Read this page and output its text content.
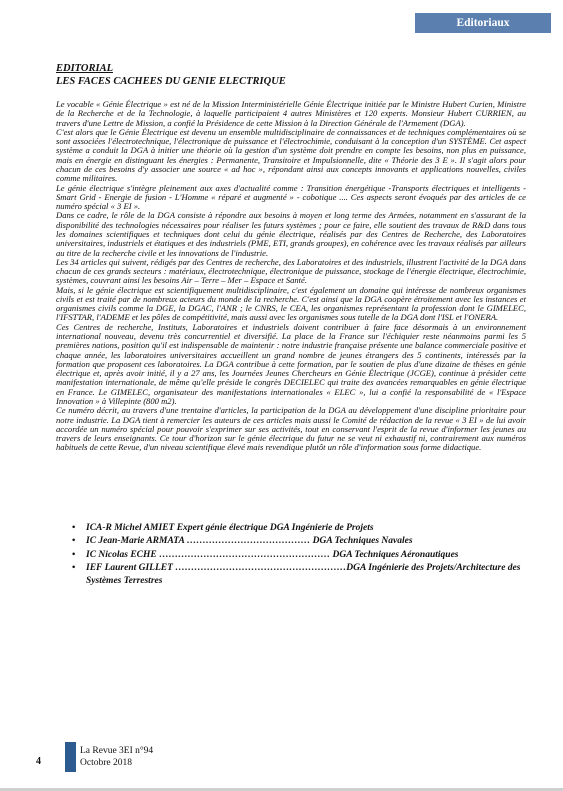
Editoriaux
EDITORIAL
LES FACES CACHEES DU GENIE ELECTRIQUE

Le vocable « Génie Électrique » est né de la Mission Interministérielle Génie Électrique initiée par le Ministre Hubert Curien, Ministre de la Recherche et de la Technologie, à laquelle participaient 4 autres Ministères et 120 experts. Monsieur Hubert CURRIEN, au travers d'une Lettre de Mission, a confié la Présidence de cette Mission à la Direction Générale de l'Armement (DGA).

C'est alors que le Génie Électrique est devenu un ensemble multidisciplinaire de connaissances et de techniques complémentaires où se sont associées l'électrotechnique, l'électronique de puissance et l'électrochimie, conduisant à la conception d'un SYSTÈME. Cet aspect système a conduit la DGA à initier une théorie où la gestion d'un système doit prendre en compte les besoins, non plus en puissance, mais en énergie en distinguant les énergies : Permanente, Transitoire et Impulsionnelle, dite « Théorie des 3 E ». Il s'agit alors pour chacun de ces besoins d'y associer une source « ad hoc », répondant ainsi aux concepts innovants et applications nouvelles, civiles comme militaires.

Le génie électrique s'intègre pleinement aux axes d'actualité comme : Transition énergétique -Transports électriques et intelligents - Smart Grid - Energie de fusion - L'Homme « réparé et augmenté » - cobotique .... Ces aspects seront évoqués par des articles de ce numéro spécial « 3 EI ».

Dans ce cadre, le rôle de la DGA consiste à répondre aux besoins à moyen et long terme des Armées, notamment en s'assurant de la disponibilité des technologies nécessaires pour réaliser les futurs systèmes ; pour ce faire, elle soutient des travaux de R&D dans tous les domaines scientifiques et techniques dont celui du génie électrique, réalisés par des Centres de Recherche, des Laboratoires universitaires, industriels et étatiques et des industriels (PME, ETI, grands groupes), en cohérence avec les travaux réalisés par ailleurs au titre de la recherche civile et les innovations de l'industrie.

Les 34 articles qui suivent, rédigés par des Centres de recherche, des Laboratoires et des industriels, illustrent l'activité de la DGA dans chacun de ces grands secteurs : matériaux, électrotechnique, électronique de puissance, stockage de l'énergie électrique, électrochimie, systèmes, couvrant ainsi les besoins Air – Terre – Mer – Espace et Santé.

Mais, si le génie électrique est scientifiquement multidisciplinaire, c'est également un domaine qui intéresse de nombreux organismes civils et est traité par de nombreux acteurs du monde de la recherche. C'est ainsi que la DGA coopère étroitement avec les instances et organismes civils comme la DGE, la DGAC, l'ANR ; le CNRS, le CEA, les organismes représentant la profession dont le GIMELEC, l'IFSTTAR, l'ADEME et les pôles de compétitivité, mais aussi avec les organismes sous tutelle de la DGA dont l'ISL et l'ONERA.

Ces Centres de recherche, Instituts, Laboratoires et industriels doivent contribuer à faire face désormais à un environnement international nouveau, devenu très concurrentiel et diversifié. La place de la France sur l'échiquier reste néanmoins parmi les 5 premières nations, position qu'il est indispensable de maintenir : notre industrie française présente une balance commerciale positive et chaque année, les laboratoires universitaires accueillent un grand nombre de jeunes étrangers des 5 continents, intéressés par la formation que proposent ces laboratoires. La DGA contribue à cette formation, par le soutien de plus d'une dizaine de thèses en génie électrique et, après avoir initié, il y a 27 ans, les Journées Jeunes Chercheurs en Génie Électrique (JCGE), continue à présider cette manifestation internationale, de même qu'elle préside le congrès DECIELEC qui traite des avancées remarquables en génie électrique en France. Le GIMELEC, organisateur des manifestations internationales « ELEC », lui a confié la responsabilité de « l'Espace Innovation » à Villepinte (800 m2).

Ce numéro décrit, au travers d'une trentaine d'articles, la participation de la DGA au développement d'une discipline prioritaire pour notre industrie. La DGA tient à remercier les auteurs de ces articles mais aussi le Comité de rédaction de la revue « 3 EI » de lui avoir accordée un numéro spécial pour pouvoir s'exprimer sur ses activités, tout en conservant l'esprit de la revue d'informer les jeunes au travers de leurs enseignants. Ce tour d'horizon sur le génie électrique du futur ne se veut ni exhaustif ni, contrairement aux numéros habituels de cette Revue, d'un niveau scientifique élevé mais revendique plutôt un rôle d'information sous forme didactique.

• ICA-R Michel AMIET Expert génie électrique DGA Ingénierie de Projets
• IC Jean-Marie ARMATA ………………………………… DGA Techniques Navales
• IC Nicolas ECHE ……………………………………………… DGA Techniques Aéronautiques
• IEF Laurent GILLET ………………………………………………DGA Ingénierie des Projets/Architecture des Systèmes Terrestres
4
La Revue 3EI n°94
Octobre 2018
